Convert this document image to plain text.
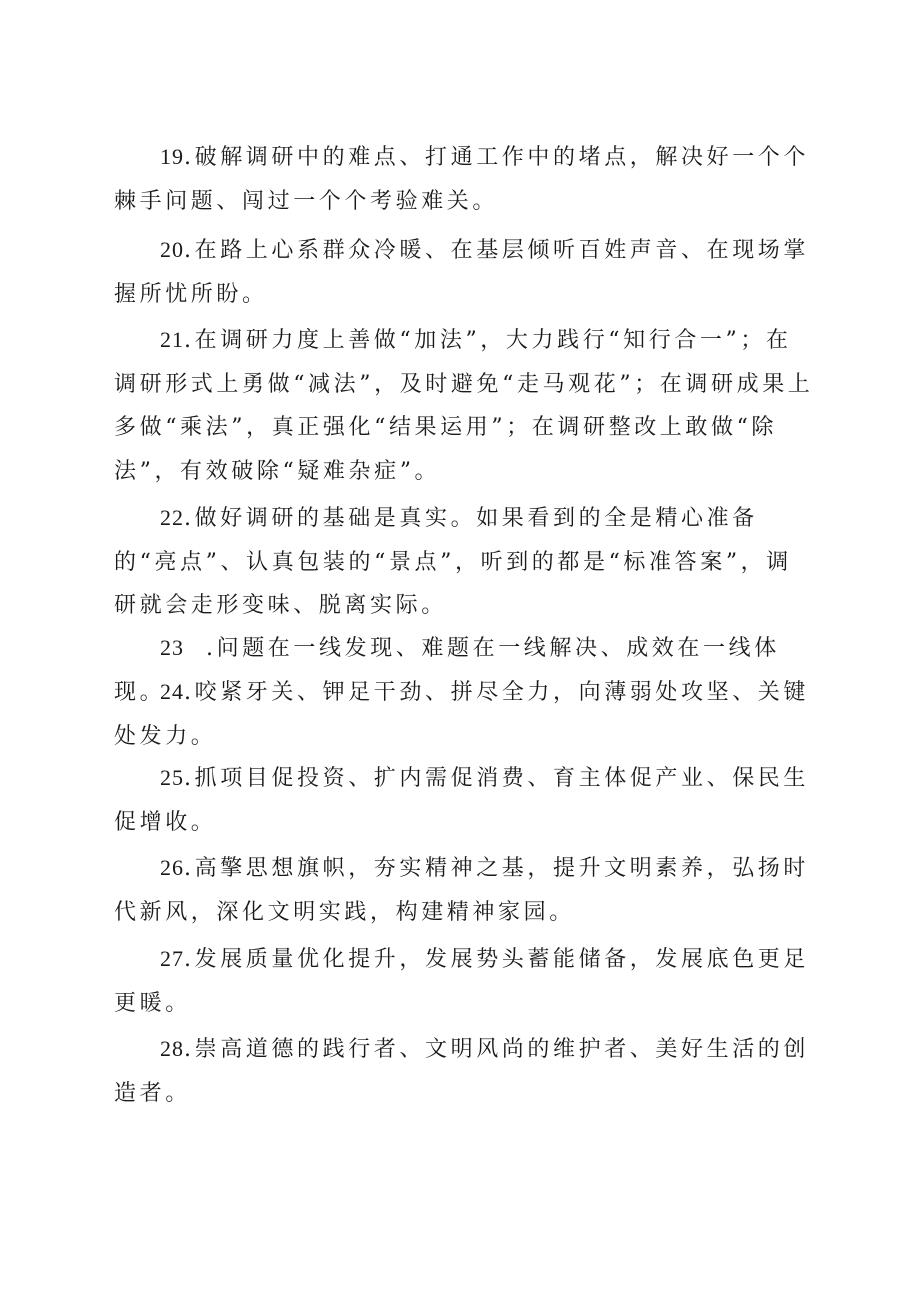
19.破解调研中的难点、打通工作中的堵点，解决好一个个棘手问题、闯过一个个考验难关。

20.在路上心系群众冷暖、在基层倾听百姓声音、在现场掌握所忧所盼。

21.在调研力度上善做“加法”，大力践行“知行合一”；在调研形式上勇做“减法”，及时避免“走马观花”；在调研成果上多做“乘法”，真正强化“结果运用”；在调研整改上敢做“除法”，有效破除“疑难杂症”。

22.做好调研的基础是真实。如果看到的全是精心准备的“亮点”、认真包装的“景点”，听到的都是“标准答案”，调研就会走形变味、脱离实际。

23 .问题在一线发现、难题在一线解决、成效在一线体现。

24.咬紧牙关、钾足干劲、拼尽全力，向薄弱处攻坚、关键处发力。

25.抓项目促投资、扩内需促消费、育主体促产业、保民生促增收。

26.高擎思想旗帜，夯实精神之基，提升文明素养，弘扬时代新风，深化文明实践，构建精神家园。

27.发展质量优化提升，发展势头蓄能储备，发展底色更足更暖。

28.崇高道德的践行者、文明风尚的维护者、美好生活的创造者。
